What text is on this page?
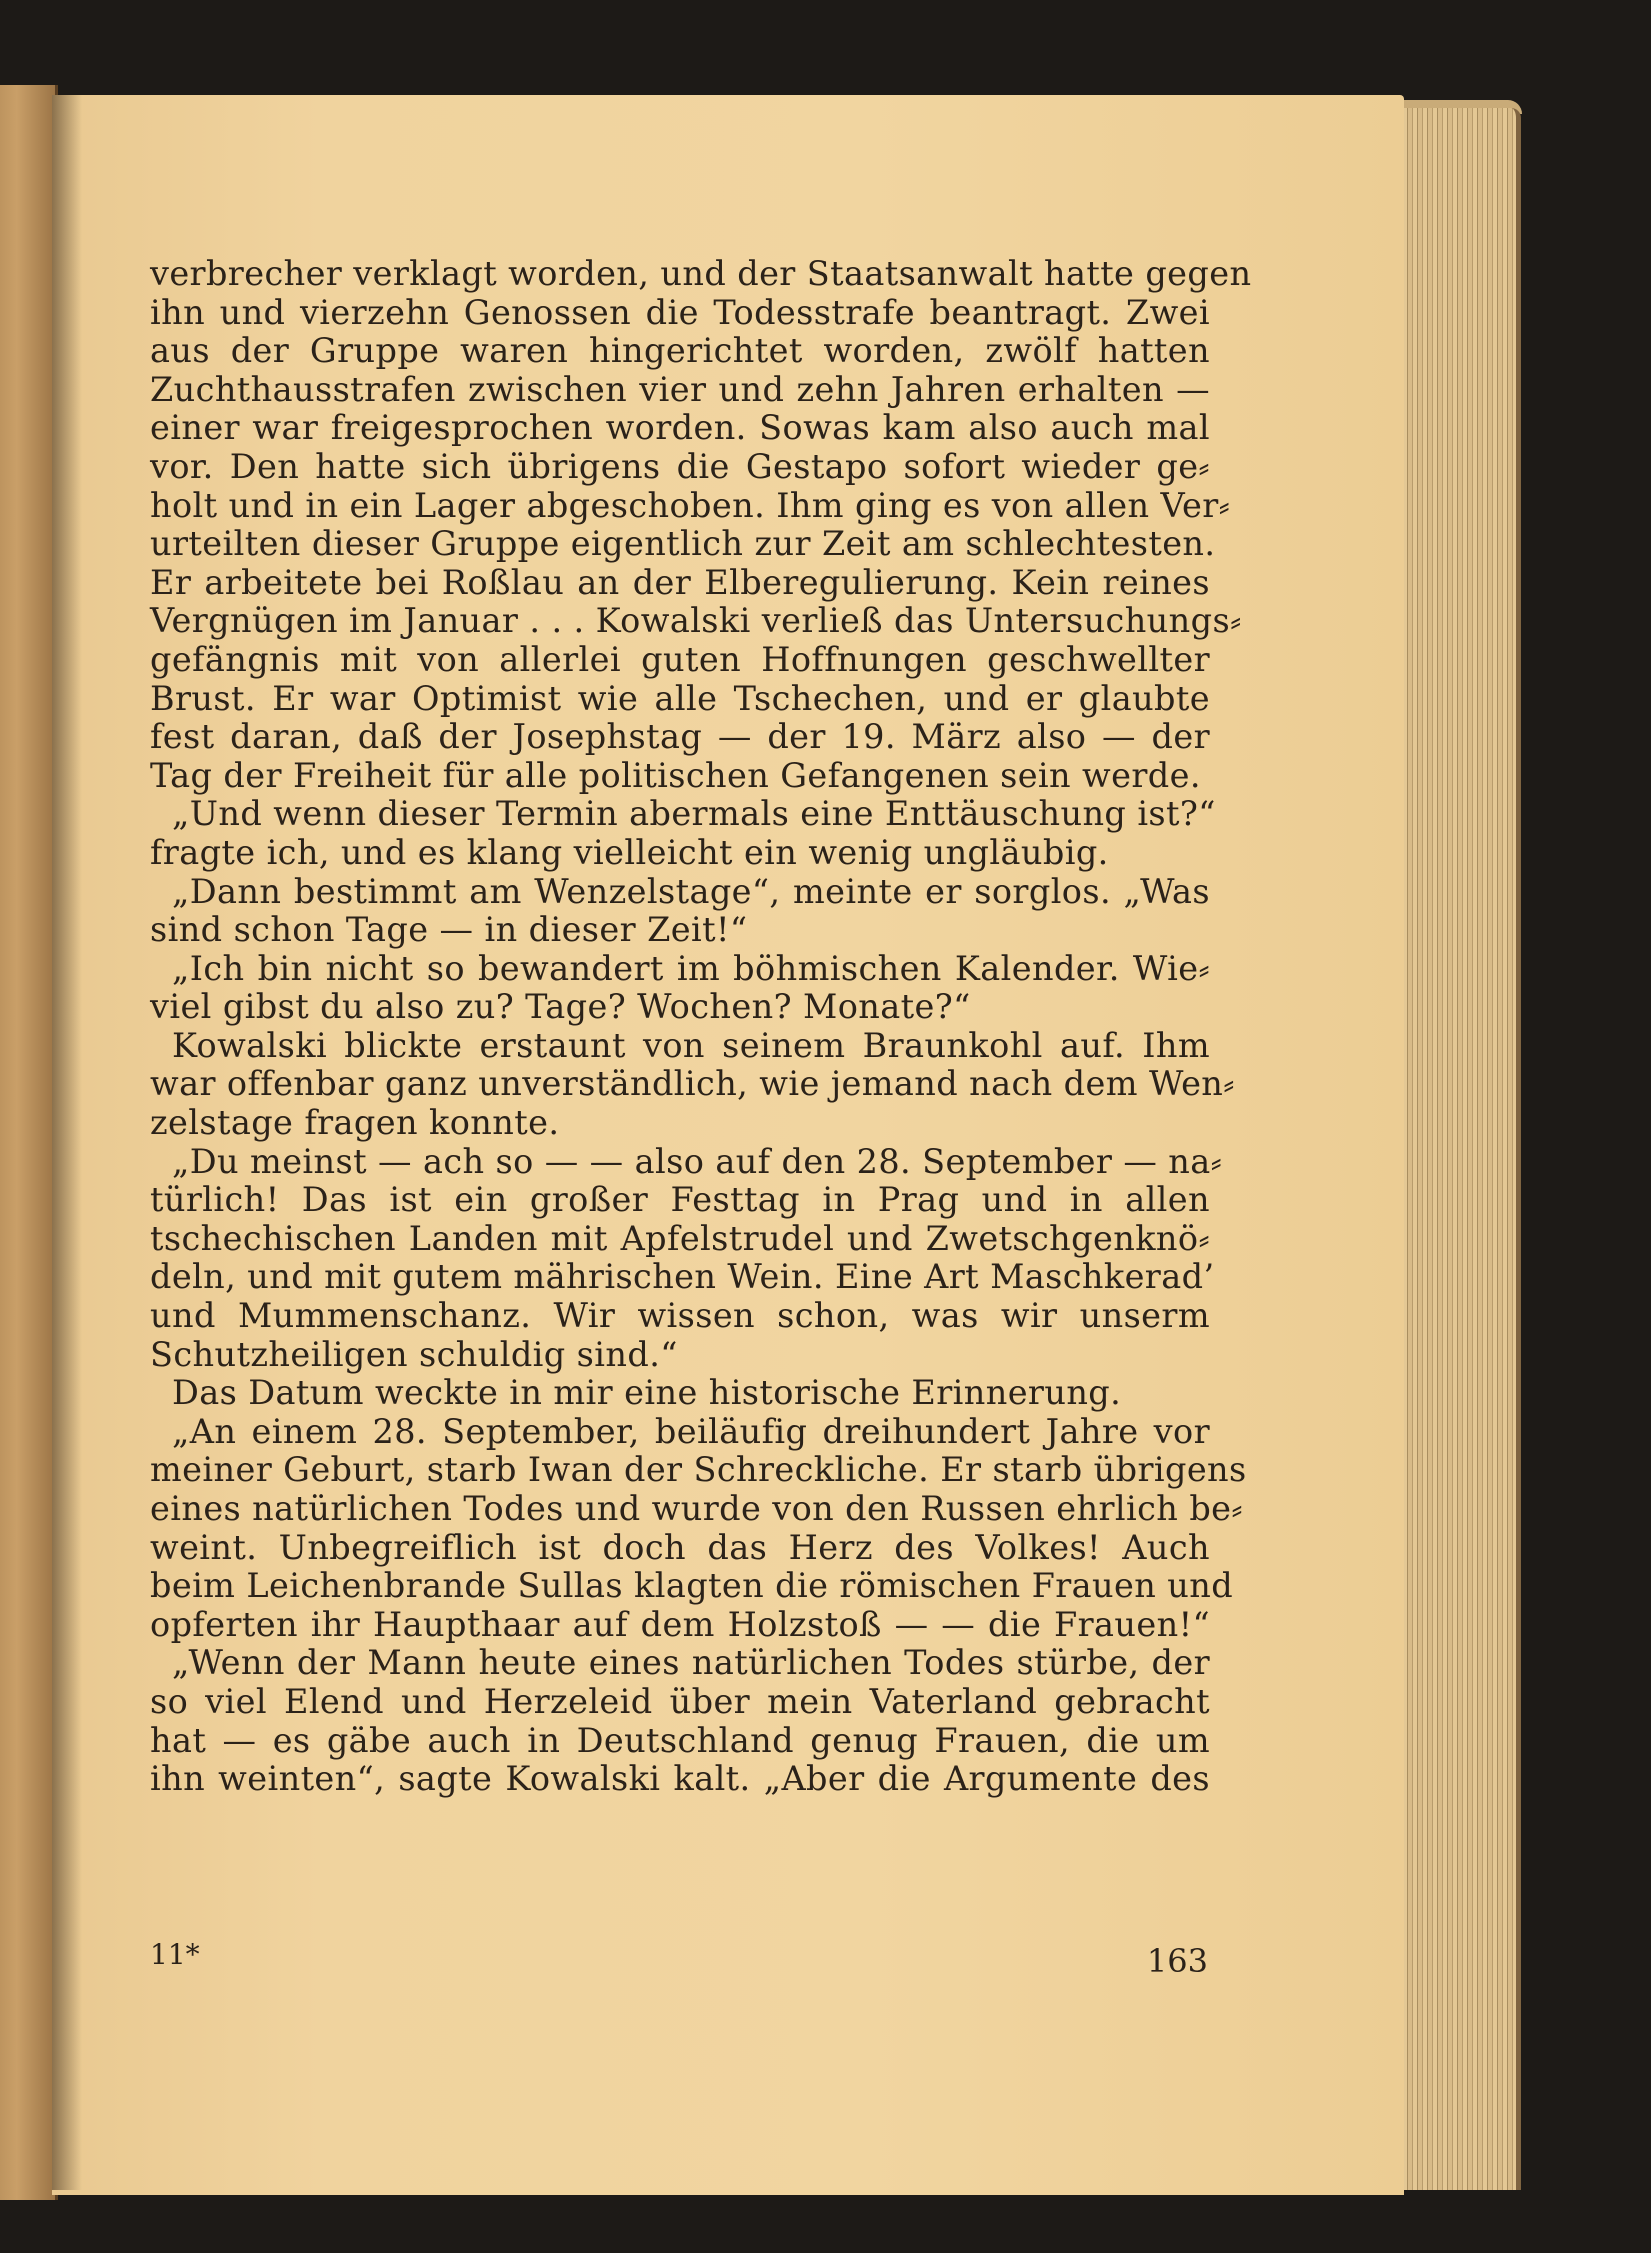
verbrecher verklagt worden, und der Staatsanwalt hatte gegen
ihn und vierzehn Genossen die Todesstrafe beantragt. Zwei
aus der Gruppe waren hingerichtet worden, zwölf hatten
Zuchthausstrafen zwischen vier und zehn Jahren erhalten —
einer war freigesprochen worden. Sowas kam also auch mal
vor. Den hatte sich übrigens die Gestapo sofort wieder ge⸗
holt und in ein Lager abgeschoben. Ihm ging es von allen Ver⸗
urteilten dieser Gruppe eigentlich zur Zeit am schlechtesten.
Er arbeitete bei Roßlau an der Elberegulierung. Kein reines
Vergnügen im Januar . . . Kowalski verließ das Untersuchungs⸗
gefängnis mit von allerlei guten Hoffnungen geschwellter
Brust. Er war Optimist wie alle Tschechen, und er glaubte
fest daran, daß der Josephstag — der 19. März also — der
Tag der Freiheit für alle politischen Gefangenen sein werde.
„Und wenn dieser Termin abermals eine Enttäuschung ist?“
fragte ich, und es klang vielleicht ein wenig ungläubig.
„Dann bestimmt am Wenzelstage“, meinte er sorglos. „Was
sind schon Tage — in dieser Zeit!“
„Ich bin nicht so bewandert im böhmischen Kalender. Wie⸗
viel gibst du also zu? Tage? Wochen? Monate?“
Kowalski blickte erstaunt von seinem Braunkohl auf. Ihm
war offenbar ganz unverständlich, wie jemand nach dem Wen⸗
zelstage fragen konnte.
„Du meinst — ach so — — also auf den 28. September — na⸗
türlich! Das ist ein großer Festtag in Prag und in allen
tschechischen Landen mit Apfelstrudel und Zwetschgenknö⸗
deln, und mit gutem mährischen Wein. Eine Art Maschkerad’
und Mummenschanz. Wir wissen schon, was wir unserm
Schutzheiligen schuldig sind.“
Das Datum weckte in mir eine historische Erinnerung.
„An einem 28. September, beiläufig dreihundert Jahre vor
meiner Geburt, starb Iwan der Schreckliche. Er starb übrigens
eines natürlichen Todes und wurde von den Russen ehrlich be⸗
weint. Unbegreiflich ist doch das Herz des Volkes! Auch
beim Leichenbrande Sullas klagten die römischen Frauen und
opferten ihr Haupthaar auf dem Holzstoß — — die Frauen!“
„Wenn der Mann heute eines natürlichen Todes stürbe, der
so viel Elend und Herzeleid über mein Vaterland gebracht
hat — es gäbe auch in Deutschland genug Frauen, die um
ihn weinten“, sagte Kowalski kalt. „Aber die Argumente des
11*	163
